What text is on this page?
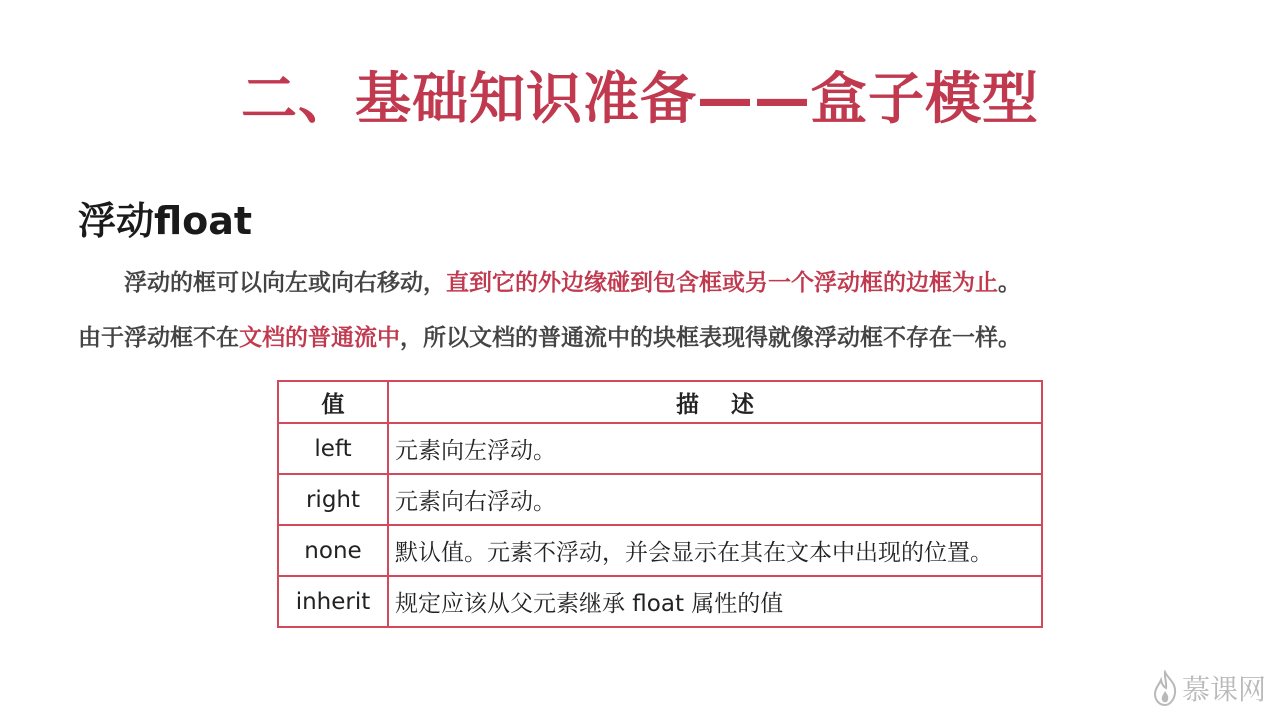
二、基础知识准备——盒子模型
浮动float
浮动的框可以向左或向右移动，直到它的外边缘碰到包含框或另一个浮动框的边框为止。
由于浮动框不在文档的普通流中，所以文档的普通流中的块框表现得就像浮动框不存在一样。
值	描    述
left	元素向左浮动。
right	元素向右浮动。
none	默认值。元素不浮动，并会显示在其在文本中出现的位置。
inherit	规定应该从父元素继承 float 属性的值
慕课网
